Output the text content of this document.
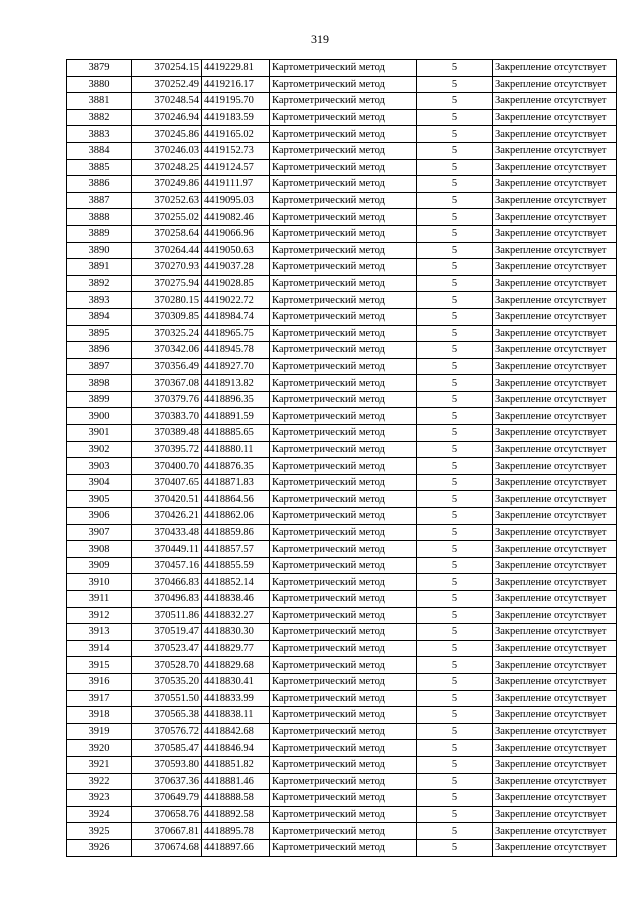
319
3879	370254.15	4419229.81	Картометрический метод	5	Закрепление отсутствует
3880	370252.49	4419216.17	Картометрический метод	5	Закрепление отсутствует
3881	370248.54	4419195.70	Картометрический метод	5	Закрепление отсутствует
3882	370246.94	4419183.59	Картометрический метод	5	Закрепление отсутствует
3883	370245.86	4419165.02	Картометрический метод	5	Закрепление отсутствует
3884	370246.03	4419152.73	Картометрический метод	5	Закрепление отсутствует
3885	370248.25	4419124.57	Картометрический метод	5	Закрепление отсутствует
3886	370249.86	4419111.97	Картометрический метод	5	Закрепление отсутствует
3887	370252.63	4419095.03	Картометрический метод	5	Закрепление отсутствует
3888	370255.02	4419082.46	Картометрический метод	5	Закрепление отсутствует
3889	370258.64	4419066.96	Картометрический метод	5	Закрепление отсутствует
3890	370264.44	4419050.63	Картометрический метод	5	Закрепление отсутствует
3891	370270.93	4419037.28	Картометрический метод	5	Закрепление отсутствует
3892	370275.94	4419028.85	Картометрический метод	5	Закрепление отсутствует
3893	370280.15	4419022.72	Картометрический метод	5	Закрепление отсутствует
3894	370309.85	4418984.74	Картометрический метод	5	Закрепление отсутствует
3895	370325.24	4418965.75	Картометрический метод	5	Закрепление отсутствует
3896	370342.06	4418945.78	Картометрический метод	5	Закрепление отсутствует
3897	370356.49	4418927.70	Картометрический метод	5	Закрепление отсутствует
3898	370367.08	4418913.82	Картометрический метод	5	Закрепление отсутствует
3899	370379.76	4418896.35	Картометрический метод	5	Закрепление отсутствует
3900	370383.70	4418891.59	Картометрический метод	5	Закрепление отсутствует
3901	370389.48	4418885.65	Картометрический метод	5	Закрепление отсутствует
3902	370395.72	4418880.11	Картометрический метод	5	Закрепление отсутствует
3903	370400.70	4418876.35	Картометрический метод	5	Закрепление отсутствует
3904	370407.65	4418871.83	Картометрический метод	5	Закрепление отсутствует
3905	370420.51	4418864.56	Картометрический метод	5	Закрепление отсутствует
3906	370426.21	4418862.06	Картометрический метод	5	Закрепление отсутствует
3907	370433.48	4418859.86	Картометрический метод	5	Закрепление отсутствует
3908	370449.11	4418857.57	Картометрический метод	5	Закрепление отсутствует
3909	370457.16	4418855.59	Картометрический метод	5	Закрепление отсутствует
3910	370466.83	4418852.14	Картометрический метод	5	Закрепление отсутствует
3911	370496.83	4418838.46	Картометрический метод	5	Закрепление отсутствует
3912	370511.86	4418832.27	Картометрический метод	5	Закрепление отсутствует
3913	370519.47	4418830.30	Картометрический метод	5	Закрепление отсутствует
3914	370523.47	4418829.77	Картометрический метод	5	Закрепление отсутствует
3915	370528.70	4418829.68	Картометрический метод	5	Закрепление отсутствует
3916	370535.20	4418830.41	Картометрический метод	5	Закрепление отсутствует
3917	370551.50	4418833.99	Картометрический метод	5	Закрепление отсутствует
3918	370565.38	4418838.11	Картометрический метод	5	Закрепление отсутствует
3919	370576.72	4418842.68	Картометрический метод	5	Закрепление отсутствует
3920	370585.47	4418846.94	Картометрический метод	5	Закрепление отсутствует
3921	370593.80	4418851.82	Картометрический метод	5	Закрепление отсутствует
3922	370637.36	4418881.46	Картометрический метод	5	Закрепление отсутствует
3923	370649.79	4418888.58	Картометрический метод	5	Закрепление отсутствует
3924	370658.76	4418892.58	Картометрический метод	5	Закрепление отсутствует
3925	370667.81	4418895.78	Картометрический метод	5	Закрепление отсутствует
3926	370674.68	4418897.66	Картометрический метод	5	Закрепление отсутствует
